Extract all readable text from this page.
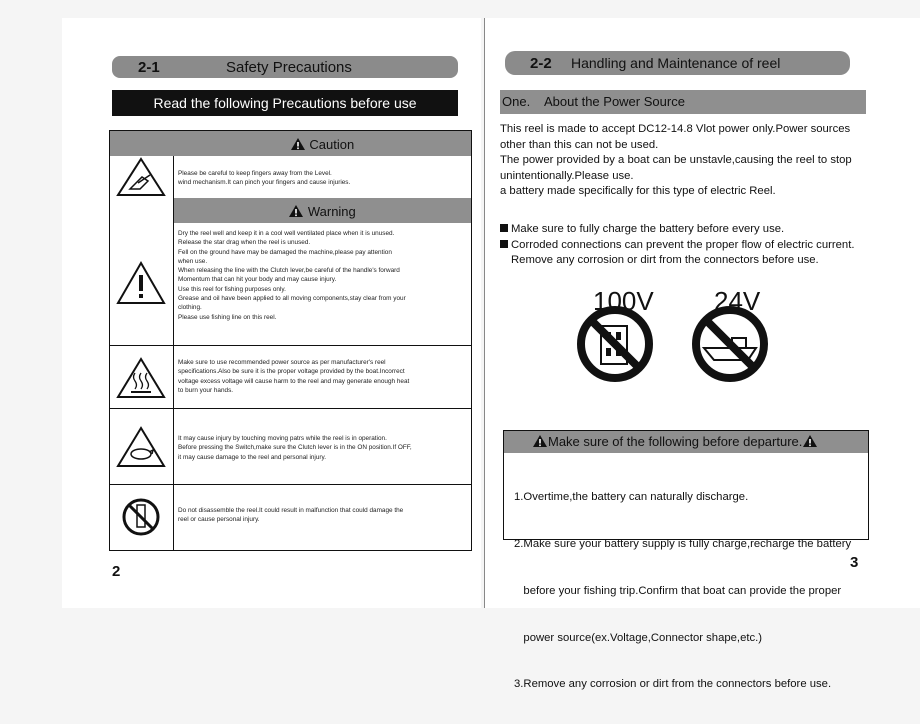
2-1	Safety Precautions
Read the following Precautions before use
Caution
Please be careful to keep fingers away from the Level.
wind mechanism.It can pinch your fingers and cause injuries.
Warning
Dry the reel well and keep it in a cool well ventilated place when it is unused.
Release the star drag when the reel is unused.
Fell on the ground have may be damaged the machine,please pay attention
when use.
When releasing the line with the Clutch lever,be careful of the handle's forward
Momentum that can hit your body and may cause injury.
Use this reel for fishing purposes only.
Grease and oil have been applied to all moving components,stay clear from your
clothing.
Please use fishing line on this reel.
Make sure to use recommended power source as per manufacturer's reel
specifications.Also be sure it is the proper voltage provided by the boat.Incorrect
voltage excess voltage will cause harm to the reel and may generate enough heat
to burn your hands.
It may cause injury by touching moving patrs while the reel is in operation.
Before pressing the Switch,make sure the Clutch lever is in the ON position.If OFF,
it may cause damage to the reel and personal injury.
Do not disassemble the reel.It could result in malfunction that could damage the
reel or cause personal injury.
2
2-2 Handling and Maintenance of reel
One. About the Power Source
This reel is made to accept DC12-14.8 Vlot power only.Power sources
other than this can not be used.
The power provided by a boat can be unstavle,causing the reel to stop
unintentionally.Please use.
a battery made specifically for this type of electric Reel.
Make sure to fully charge the battery before every use.
Corroded connections can prevent the proper flow of electric current.
Remove any corrosion or dirt from the connectors before use.
100V 24V
Make sure of the following before departure.

1.Overtime,the battery can naturally discharge.

2.Make sure your battery supply is fully charge,recharge the battery

before your fishing trip.Confirm that boat can provide the proper

power source(ex.Voltage,Connector shape,etc.)

3.Remove any corrosion or dirt from the connectors before use.

3
